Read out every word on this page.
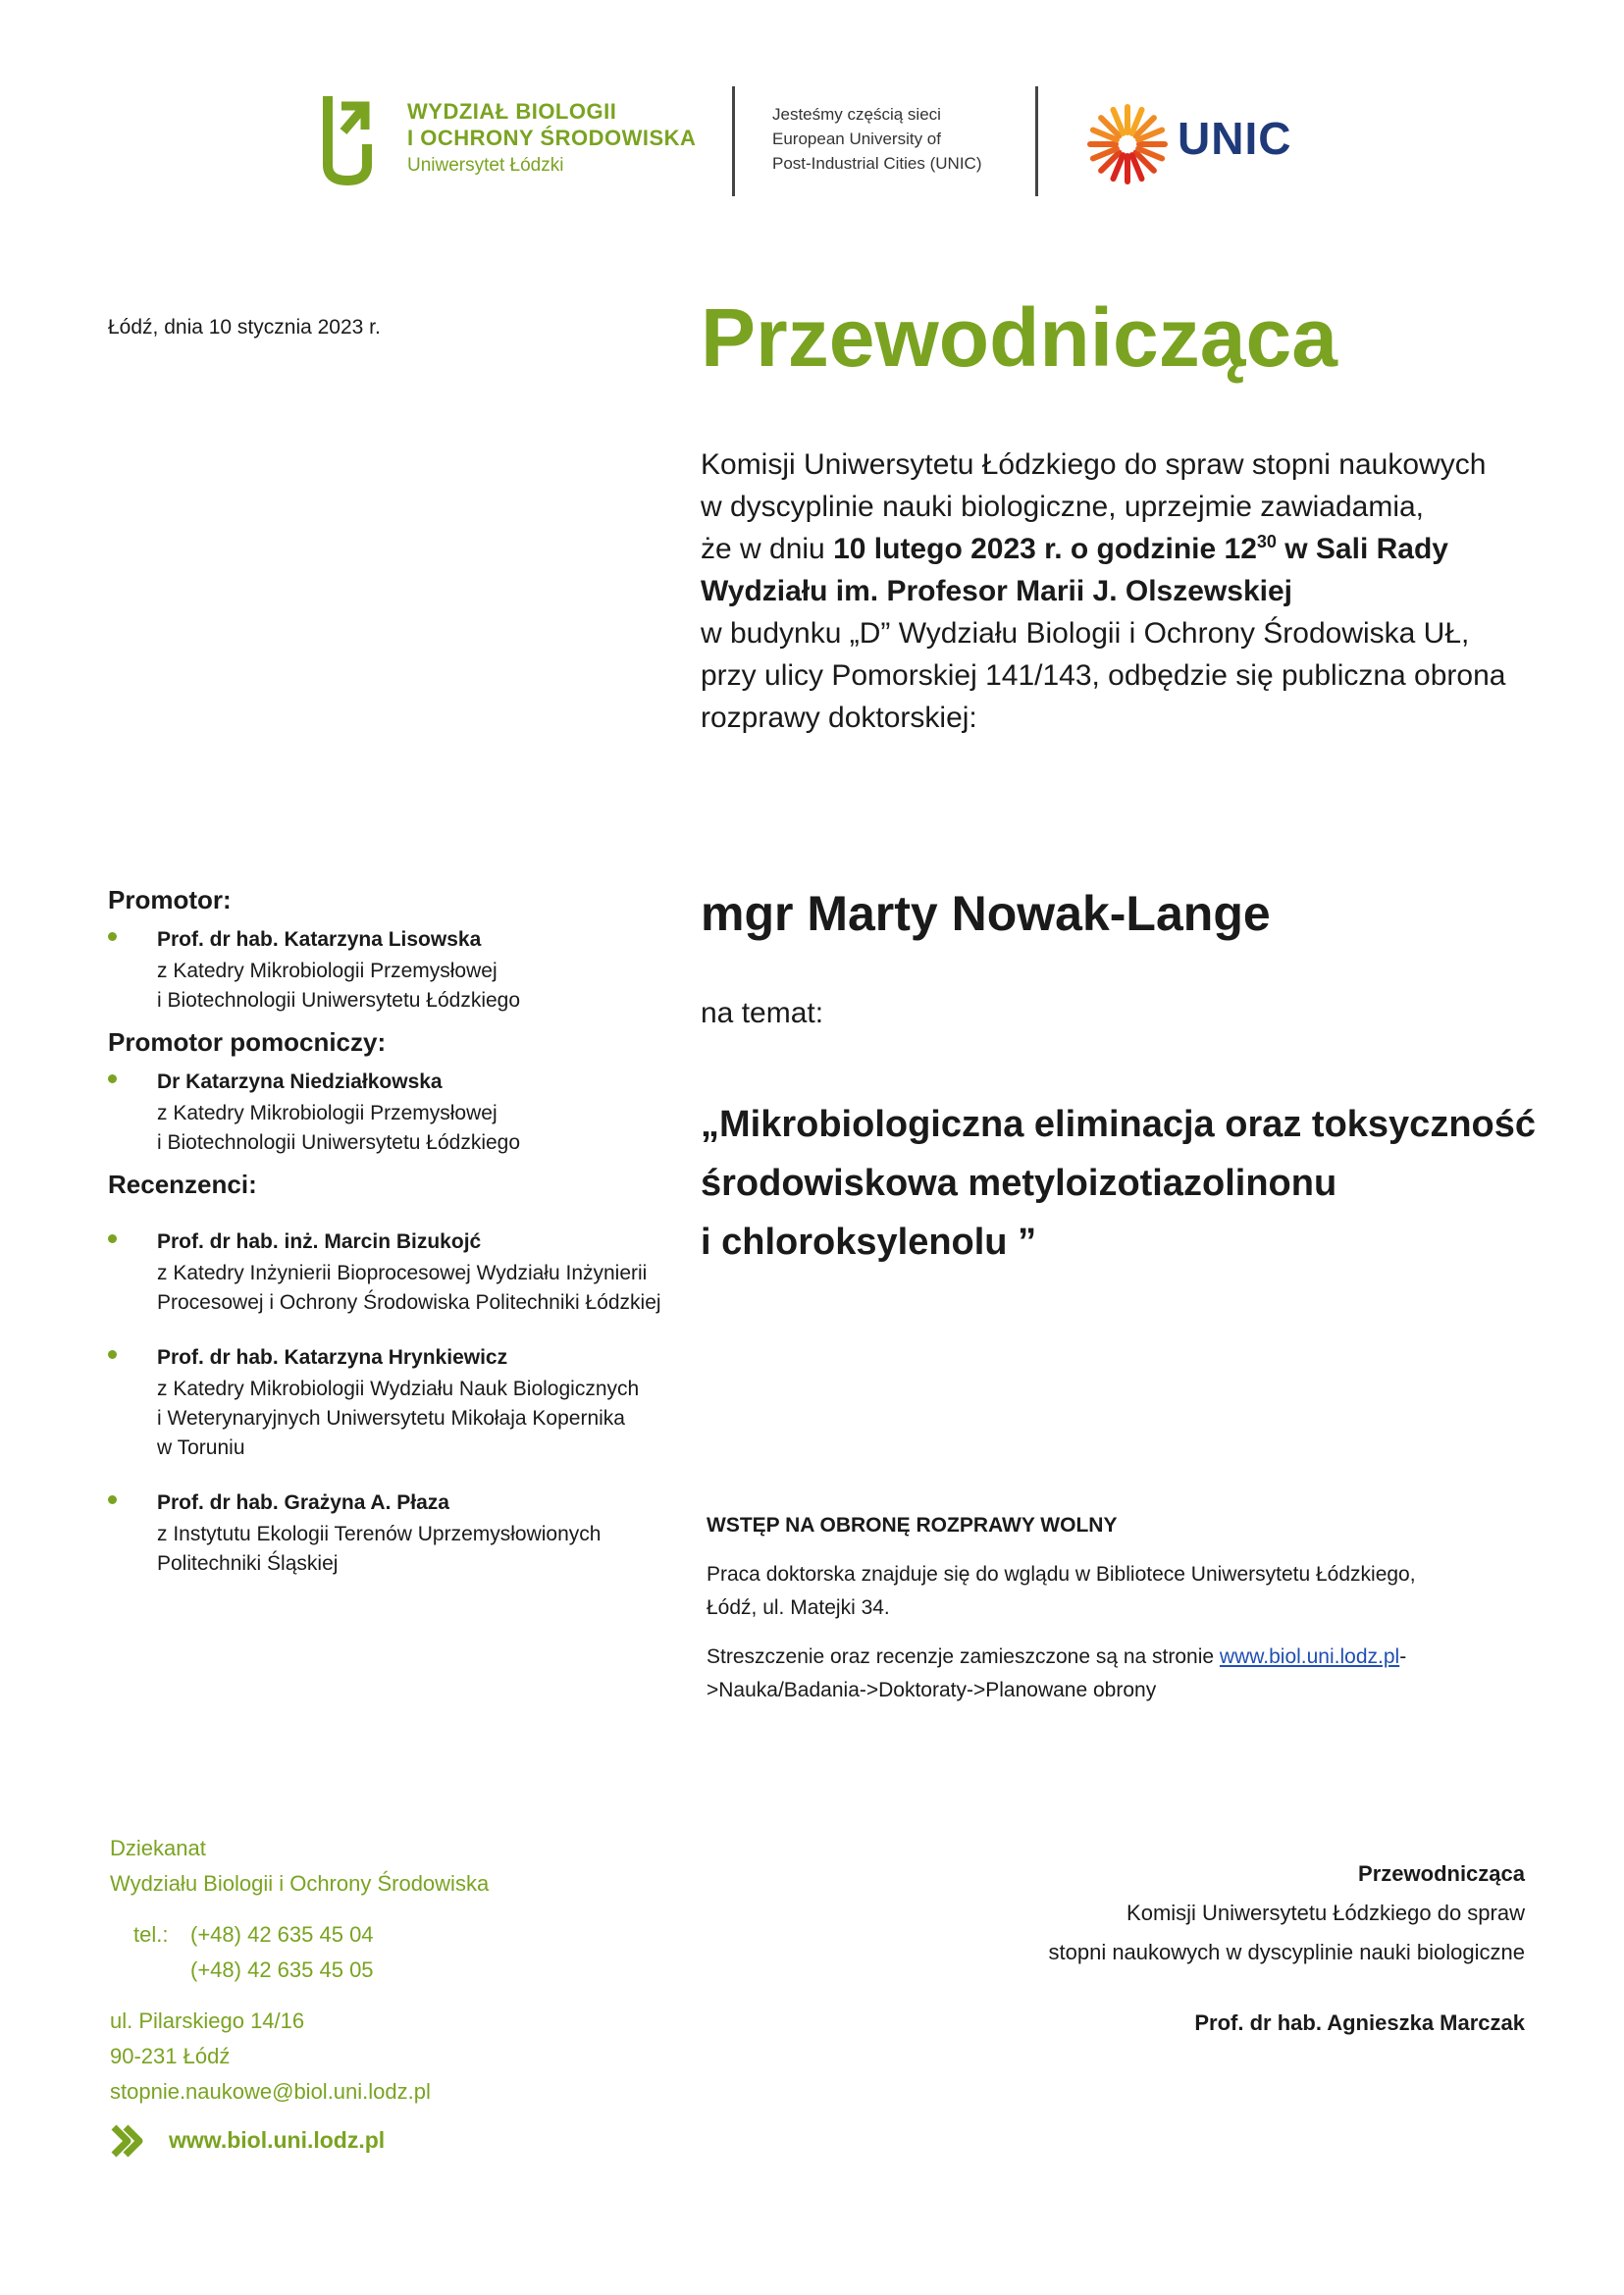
WYDZIAŁ BIOLOGII
I OCHRONY ŚRODOWISKA
Uniwersytet Łódzki
Jesteśmy częścią sieci
European University of
Post-Industrial Cities (UNIC)	UNIC
Łódź, dnia 10 stycznia 2023 r.	Przewodnicząca
Komisji Uniwersytetu Łódzkiego do spraw stopni naukowych
w dyscyplinie nauki biologiczne, uprzejmie zawiadamia,
że w dniu 10 lutego 2023 r. o godzinie $12^{30}$ w Sali Rady
Wydziału im. Profesor Marii J. Olszewskiej
w budynku „D” Wydziału Biologii i Ochrony Środowiska UŁ,
przy ulicy Pomorskiej 141/143, odbędzie się publiczna obrona
rozprawy doktorskiej:
Promotor:
Prof. dr hab. Katarzyna Lisowska
z Katedry Mikrobiologii Przemysłowej
i Biotechnologii Uniwersytetu Łódzkiego
Promotor pomocniczy:
Dr Katarzyna Niedziałkowska
z Katedry Mikrobiologii Przemysłowej
i Biotechnologii Uniwersytetu Łódzkiego
Recenzenci:
Prof. dr hab. inż. Marcin Bizukojć
z Katedry Inżynierii Bioprocesowej Wydziału Inżynierii
Procesowej i Ochrony Środowiska Politechniki Łódzkiej
Prof. dr hab. Katarzyna Hrynkiewicz
z Katedry Mikrobiologii Wydziału Nauk Biologicznych
i Weterynaryjnych Uniwersytetu Mikołaja Kopernika
w Toruniu
Prof. dr hab. Grażyna A. Płaza
z Instytutu Ekologii Terenów Uprzemysłowionych
Politechniki Śląskiej
mgr Marty Nowak-Lange
na temat:
„Mikrobiologiczna eliminacja oraz toksyczność
środowiskowa metyloizotiazolinonu
i chloroksylenolu ”
WSTĘP NA OBRONĘ ROZPRAWY WOLNY

Praca doktorska znajduje się do wglądu w Bibliotece Uniwersytetu Łódzkiego,
Łódź, ul. Matejki 34.

Streszczenie oraz recenzje zamieszczone są na stronie www.biol.uni.lodz.pl-
>Nauka/Badania->Doktoraty->Planowane obrony

Dziekanat
Wydziału Biologii i Ochrony Środowiska
tel.: (+48) 42 635 45 04
(+48) 42 635 45 05
ul. Pilarskiego 14/16
90-231 Łódź
stopnie.naukowe@biol.uni.lodz.pl
www.biol.uni.lodz.pl
Przewodnicząca
Komisji Uniwersytetu Łódzkiego do spraw
stopni naukowych w dyscyplinie nauki biologiczne
Prof. dr hab. Agnieszka Marczak
